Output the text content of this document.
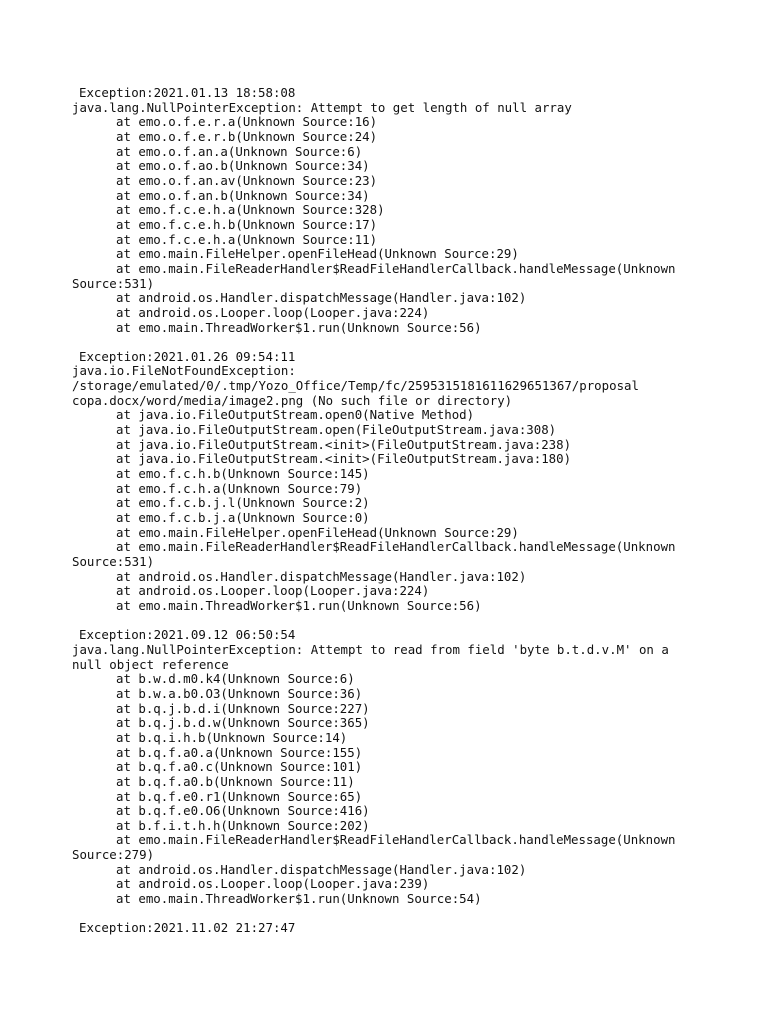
Exception:2021.01.13 18:58:08
java.lang.NullPointerException: Attempt to get length of null array
at emo.o.f.e.r.a(Unknown Source:16)
at emo.o.f.e.r.b(Unknown Source:24)
at emo.o.f.an.a(Unknown Source:6)
at emo.o.f.ao.b(Unknown Source:34)
at emo.o.f.an.av(Unknown Source:23)
at emo.o.f.an.b(Unknown Source:34)
at emo.f.c.e.h.a(Unknown Source:328)
at emo.f.c.e.h.b(Unknown Source:17)
at emo.f.c.e.h.a(Unknown Source:11)
at emo.main.FileHelper.openFileHead(Unknown Source:29)
at emo.main.FileReaderHandler$ReadFileHandlerCallback.handleMessage(Unknown
Source:531)
at android.os.Handler.dispatchMessage(Handler.java:102)
at android.os.Looper.loop(Looper.java:224)
at emo.main.ThreadWorker$1.run(Unknown Source:56)
Exception:2021.01.26 09:54:11
java.io.FileNotFoundException:
/storage/emulated/0/.tmp/Yozo_Office/Temp/fc/2595315181611629651367/proposal
copa.docx/word/media/image2.png (No such file or directory)
at java.io.FileOutputStream.open0(Native Method)
at java.io.FileOutputStream.open(FileOutputStream.java:308)
at java.io.FileOutputStream.<init>(FileOutputStream.java:238)
at java.io.FileOutputStream.<init>(FileOutputStream.java:180)
at emo.f.c.h.b(Unknown Source:145)
at emo.f.c.h.a(Unknown Source:79)
at emo.f.c.b.j.l(Unknown Source:2)
at emo.f.c.b.j.a(Unknown Source:0)
at emo.main.FileHelper.openFileHead(Unknown Source:29)
at emo.main.FileReaderHandler$ReadFileHandlerCallback.handleMessage(Unknown
Source:531)
at android.os.Handler.dispatchMessage(Handler.java:102)
at android.os.Looper.loop(Looper.java:224)
at emo.main.ThreadWorker$1.run(Unknown Source:56)
Exception:2021.09.12 06:50:54
java.lang.NullPointerException: Attempt to read from field 'byte b.t.d.v.M' on a
null object reference
at b.w.d.m0.k4(Unknown Source:6)
at b.w.a.b0.O3(Unknown Source:36)
at b.q.j.b.d.i(Unknown Source:227)
at b.q.j.b.d.w(Unknown Source:365)
at b.q.i.h.b(Unknown Source:14)
at b.q.f.a0.a(Unknown Source:155)
at b.q.f.a0.c(Unknown Source:101)
at b.q.f.a0.b(Unknown Source:11)
at b.q.f.e0.r1(Unknown Source:65)
at b.q.f.e0.O6(Unknown Source:416)
at b.f.i.t.h.h(Unknown Source:202)
at emo.main.FileReaderHandler$ReadFileHandlerCallback.handleMessage(Unknown
Source:279)
at android.os.Handler.dispatchMessage(Handler.java:102)
at android.os.Looper.loop(Looper.java:239)
at emo.main.ThreadWorker$1.run(Unknown Source:54)
Exception:2021.11.02 21:27:47
